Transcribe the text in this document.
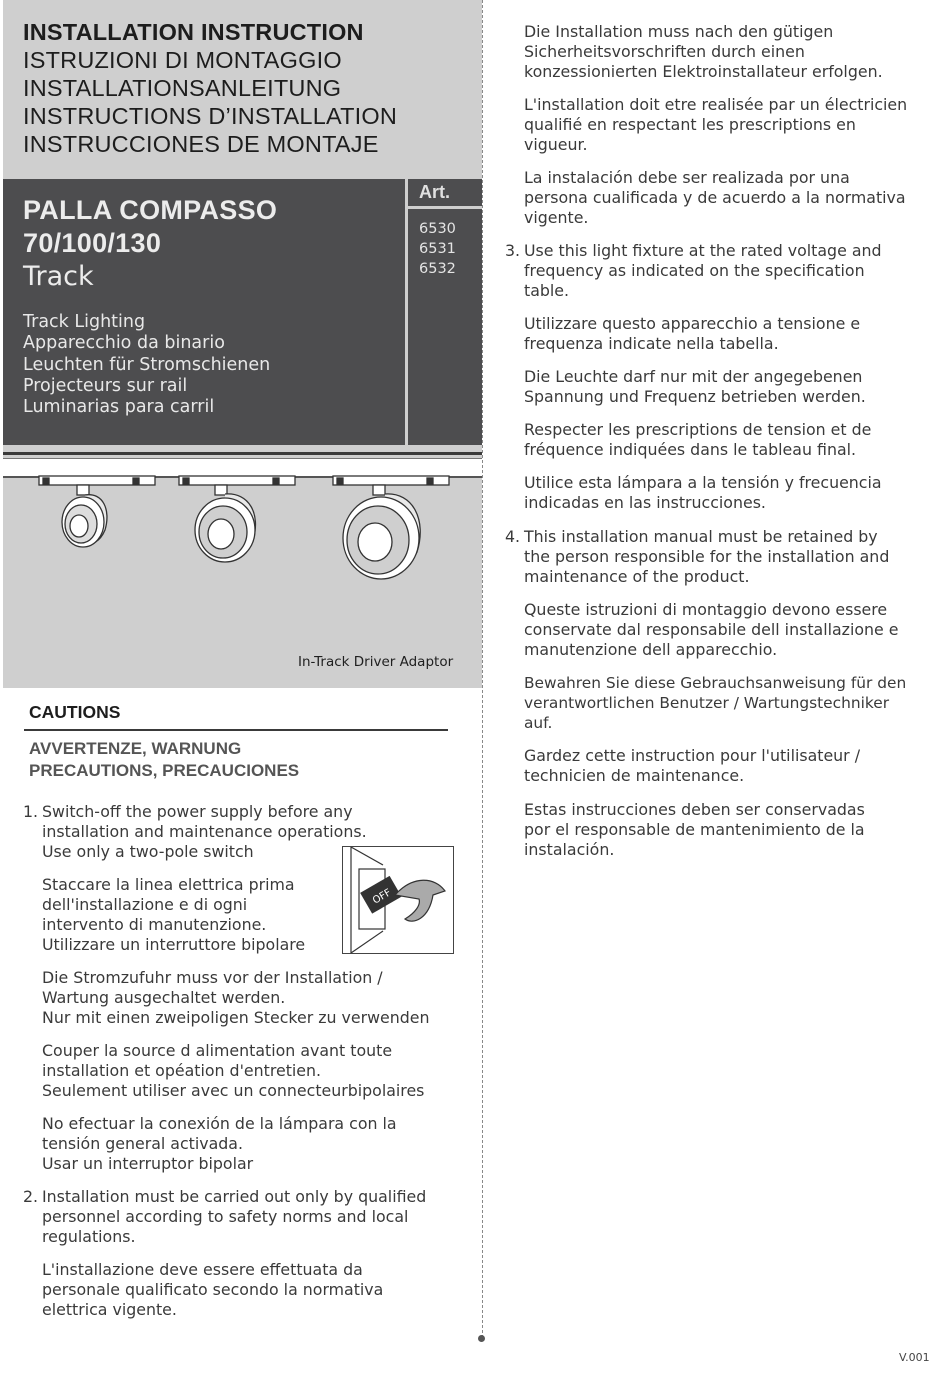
INSTALLATION INSTRUCTION
ISTRUZIONI DI MONTAGGIO
INSTALLATIONSANLEITUNG
INSTRUCTIONS D’INSTALLATION
INSTRUCCIONES DE MONTAJE
Art.
6530
6531
6532
PALLA COMPASSO
70/100/130
Track
Track Lighting
Apparecchio da binario
Leuchten für Stromschienen
Projecteurs sur rail
Luminarias para carril
In-Track Driver Adaptor
CAUTIONS
AVVERTENZE, WARNUNG
PRECAUTIONS, PRECAUCIONES
1. Switch-off the power supply before any
installation and maintenance operations.
Use only a two-pole switch
Staccare la linea elettrica prima
dell'installazione e di ogni
intervento di manutenzione.
Utilizzare un interruttore bipolare
OFF
Die Stromzufuhr muss vor der Installation /
Wartung ausgechaltet werden.
Nur mit einen zweipoligen Stecker zu verwenden
Couper la source d alimentation avant toute
installation et opéation d'entretien.
Seulement utiliser avec un connecteurbipolaires
No efectuar la conexión de la lámpara con la
tensión general activada.
Usar un interruptor bipolar
2. Installation must be carried out only by qualified
personnel according to safety norms and local
regulations.
L'installazione deve essere effettuata da
personale qualificato secondo la normativa
elettrica vigente.
Die Installation muss nach den gütigen
Sicherheitsvorschriften durch einen
konzessionierten Elektroinstallateur erfolgen.
L'installation doit etre realisée par un électricien
qualifié en respectant les prescriptions en
vigueur.
La instalación debe ser realizada por una
persona cualificada y de acuerdo a la normativa
vigente.
3. Use this light fixture at the rated voltage and
frequency as indicated on the specification
table.
Utilizzare questo apparecchio a tensione e
frequenza indicate nella tabella.
Die Leuchte darf nur mit der angegebenen
Spannung und Frequenz betrieben werden.
Respecter les prescriptions de tension et de
fréquence indiquées dans le tableau final.
Utilice esta lámpara a la tensión y frecuencia
indicadas en las instrucciones.
4. This installation manual must be retained by
the person responsible for the installation and
maintenance of the product.
Queste istruzioni di montaggio devono essere
conservate dal responsabile dell installazione e
manutenzione dell apparecchio.
Bewahren Sie diese Gebrauchsanweisung für den
verantwortlichen Benutzer / Wartungstechniker
auf.
Gardez cette instruction pour l'utilisateur /
technicien de maintenance.
Estas instrucciones deben ser conservadas
por el responsable de mantenimiento de la
instalación.
V.001
